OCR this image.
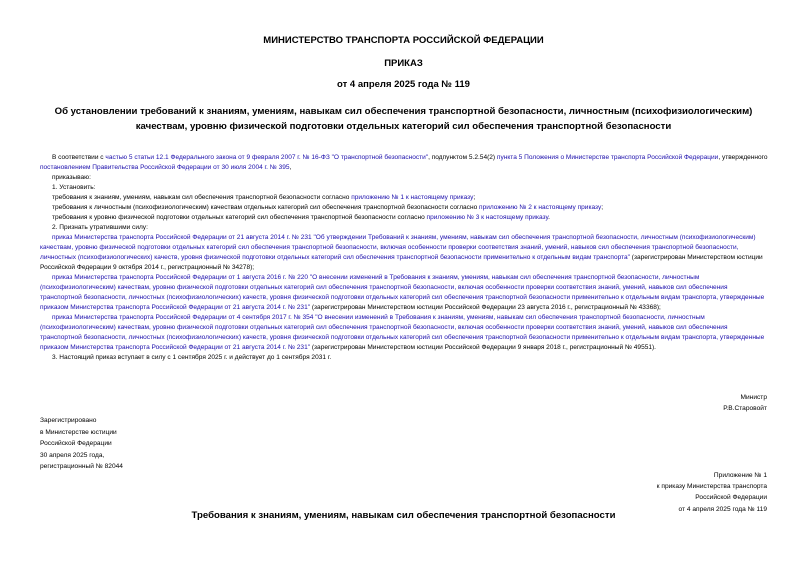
МИНИСТЕРСТВО ТРАНСПОРТА РОССИЙСКОЙ ФЕДЕРАЦИИ
ПРИКАЗ
от 4 апреля 2025 года № 119
Об установлении требований к знаниям, умениям, навыкам сил обеспечения транспортной безопасности, личностным (психофизиологическим) качествам, уровню физической подготовки отдельных категорий сил обеспечения транспортной безопасности

В соответствии с частью 5 статьи 12.1 Федерального закона от 9 февраля 2007 г. № 16-ФЗ "О транспортной безопасности", подпунктом 5.2.54(2) пункта 5 Положения о Министерстве транспорта Российской Федерации, утвержденного постановлением Правительства Российской Федерации от 30 июля 2004 г. № 395,

приказываю:

1. Установить:

требования к знаниям, умениям, навыкам сил обеспечения транспортной безопасности согласно приложению № 1 к настоящему приказу;

требования к личностным (психофизиологическим) качествам отдельных категорий сил обеспечения транспортной безопасности согласно приложению № 2 к настоящему приказу;

требования к уровню физической подготовки отдельных категорий сил обеспечения транспортной безопасности согласно приложению № 3 к настоящему приказу.

2. Признать утратившими силу:

приказ Министерства транспорта Российской Федерации от 21 августа 2014 г. № 231 "Об утверждении Требований к знаниям, умениям, навыкам сил обеспечения транспортной безопасности, личностным (психофизиологическим) качествам, уровню физической подготовки отдельных категорий сил обеспечения транспортной безопасности, включая особенности проверки соответствия знаний, умений, навыков сил обеспечения транспортной безопасности, личностных (психофизиологических) качеств, уровня физической подготовки отдельных категорий сил обеспечения транспортной безопасности применительно к отдельным видам транспорта" (зарегистрирован Министерством юстиции Российской Федерации 9 октября 2014 г., регистрационный № 34278);

приказ Министерства транспорта Российской Федерации от 1 августа 2016 г. № 220 "О внесении изменений в Требования к знаниям, умениям, навыкам сил обеспечения транспортной безопасности, личностным (психофизиологическим) качествам, уровню физической подготовки отдельных категорий сил обеспечения транспортной безопасности, включая особенности проверки соответствия знаний, умений, навыков сил обеспечения транспортной безопасности, личностных (психофизиологических) качеств, уровня физической подготовки отдельных категорий сил обеспечения транспортной безопасности применительно к отдельным видам транспорта, утвержденные приказом Министерства транспорта Российской Федерации от 21 августа 2014 г. № 231" (зарегистрирован Министерством юстиции Российской Федерации 23 августа 2016 г., регистрационный № 43368);

приказ Министерства транспорта Российской Федерации от 4 сентября 2017 г. № 354 "О внесении изменений в Требования к знаниям, умениям, навыкам сил обеспечения транспортной безопасности, личностным (психофизиологическим) качествам, уровню физической подготовки отдельных категорий сил обеспечения транспортной безопасности, включая особенности проверки соответствия знаний, умений, навыков сил обеспечения транспортной безопасности, личностных (психофизиологических) качеств, уровня физической подготовки отдельных категорий сил обеспечения транспортной безопасности применительно к отдельным видам транспорта, утвержденные приказом Министерства транспорта Российской Федерации от 21 августа 2014 г. № 231" (зарегистрирован Министерством юстиции Российской Федерации 9 января 2018 г., регистрационный № 49551).

3. Настоящий приказ вступает в силу с 1 сентября 2025 г. и действует до 1 сентября 2031 г.

Министр
Р.В.Старовойт
Зарегистрировано
в Министерстве юстиции
Российской Федерации
30 апреля 2025 года,
регистрационный № 82044
Приложение № 1
к приказу Министерства транспорта
Российской Федерации
от 4 апреля 2025 года № 119
Требования к знаниям, умениям, навыкам сил обеспечения транспортной безопасности
